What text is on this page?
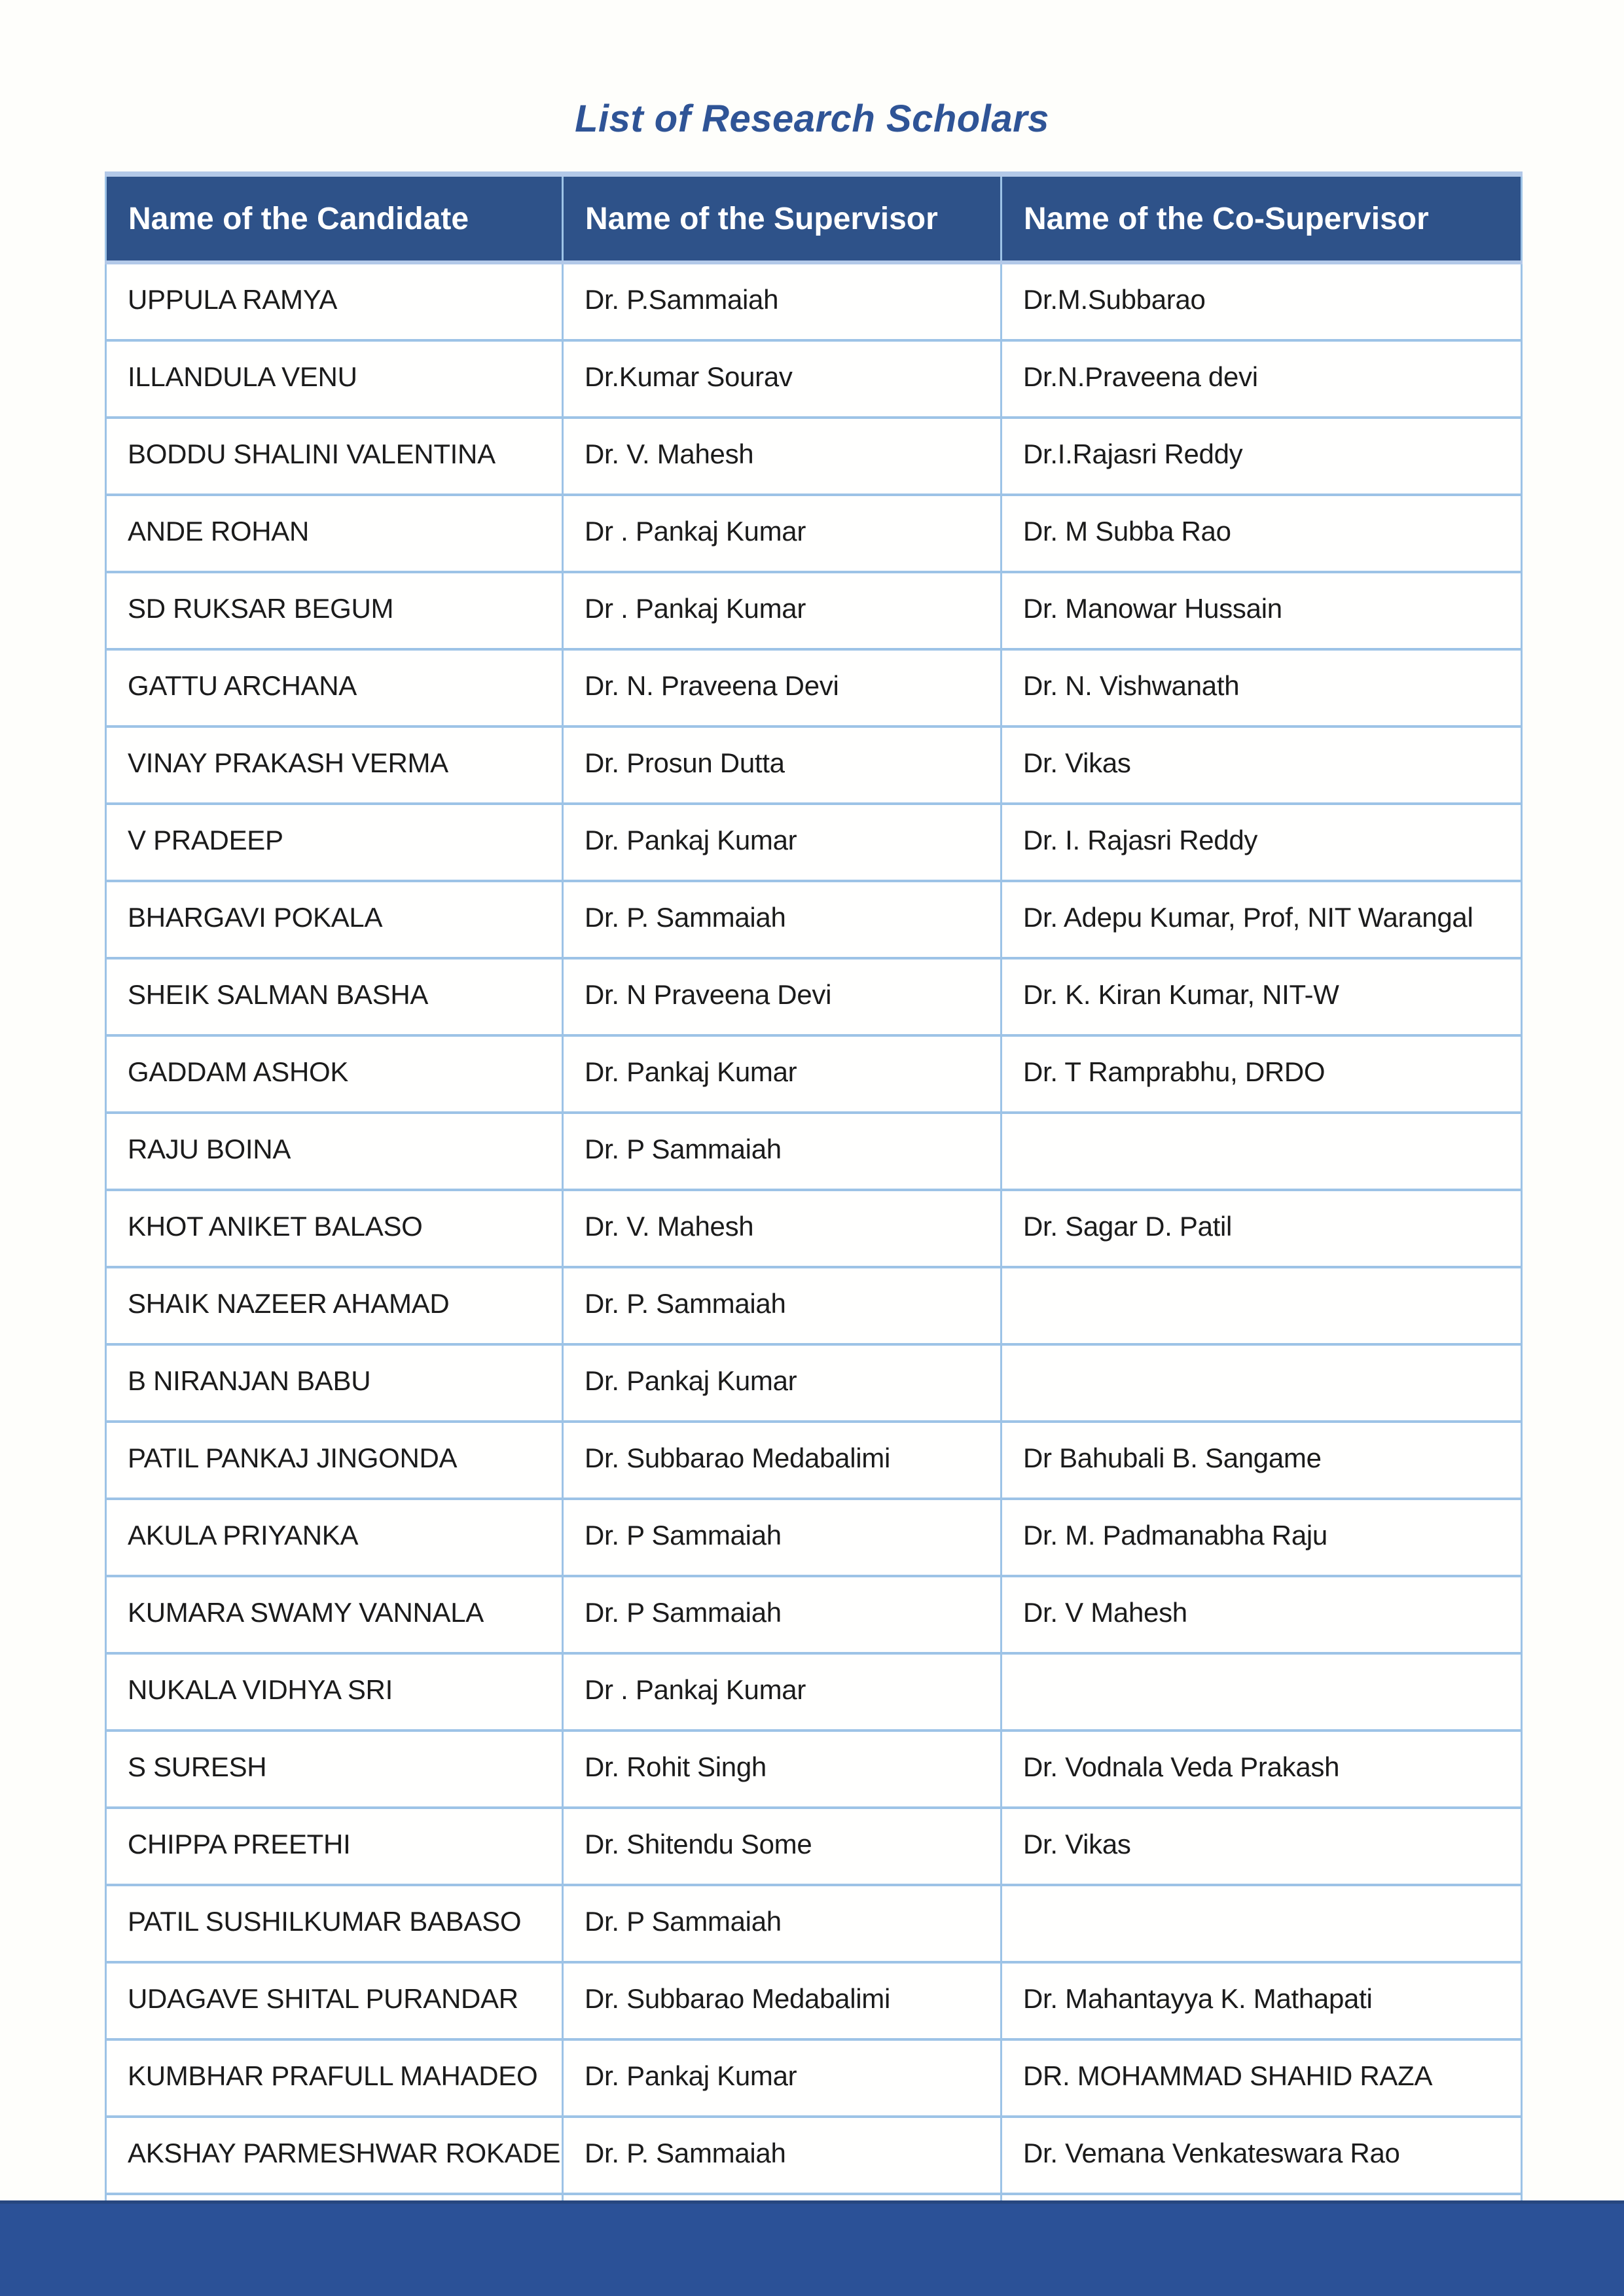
List of Research Scholars
Name of the Candidate	Name of the Supervisor	Name of the Co-Supervisor
UPPULA RAMYA	Dr. P.Sammaiah	Dr.M.Subbarao
ILLANDULA VENU	Dr.Kumar Sourav	Dr.N.Praveena devi
BODDU SHALINI VALENTINA	Dr. V. Mahesh	Dr.I.Rajasri Reddy
ANDE ROHAN	Dr . Pankaj Kumar	Dr. M Subba Rao
SD RUKSAR BEGUM	Dr . Pankaj Kumar	Dr. Manowar Hussain
GATTU ARCHANA	Dr. N. Praveena Devi	Dr. N. Vishwanath
VINAY PRAKASH VERMA	Dr. Prosun Dutta	Dr. Vikas
V PRADEEP	Dr. Pankaj Kumar	Dr. I. Rajasri Reddy
BHARGAVI POKALA	Dr. P. Sammaiah	Dr. Adepu Kumar, Prof, NIT Warangal
SHEIK SALMAN BASHA	Dr. N Praveena Devi	Dr. K. Kiran Kumar, NIT-W
GADDAM ASHOK	Dr. Pankaj Kumar	Dr. T Ramprabhu, DRDO
RAJU BOINA	Dr. P Sammaiah	
KHOT ANIKET BALASO	Dr. V. Mahesh	Dr. Sagar D. Patil
SHAIK NAZEER AHAMAD	Dr. P. Sammaiah	
B NIRANJAN BABU	Dr. Pankaj Kumar	
PATIL PANKAJ JINGONDA	Dr. Subbarao Medabalimi	Dr Bahubali B. Sangame
AKULA PRIYANKA	Dr. P Sammaiah	Dr. M. Padmanabha Raju
KUMARA SWAMY VANNALA	Dr. P Sammaiah	Dr. V Mahesh
NUKALA VIDHYA SRI	Dr . Pankaj Kumar	
S SURESH	Dr. Rohit Singh	Dr. Vodnala Veda Prakash
CHIPPA PREETHI	Dr. Shitendu Some	Dr. Vikas
PATIL SUSHILKUMAR BABASO	Dr. P Sammaiah	
UDAGAVE SHITAL PURANDAR	Dr. Subbarao Medabalimi	Dr. Mahantayya K. Mathapati
KUMBHAR PRAFULL MAHADEO	Dr. Pankaj Kumar	DR. MOHAMMAD SHAHID RAZA
AKSHAY PARMESHWAR ROKADE	Dr. P. Sammaiah	Dr. Vemana Venkateswara Rao
